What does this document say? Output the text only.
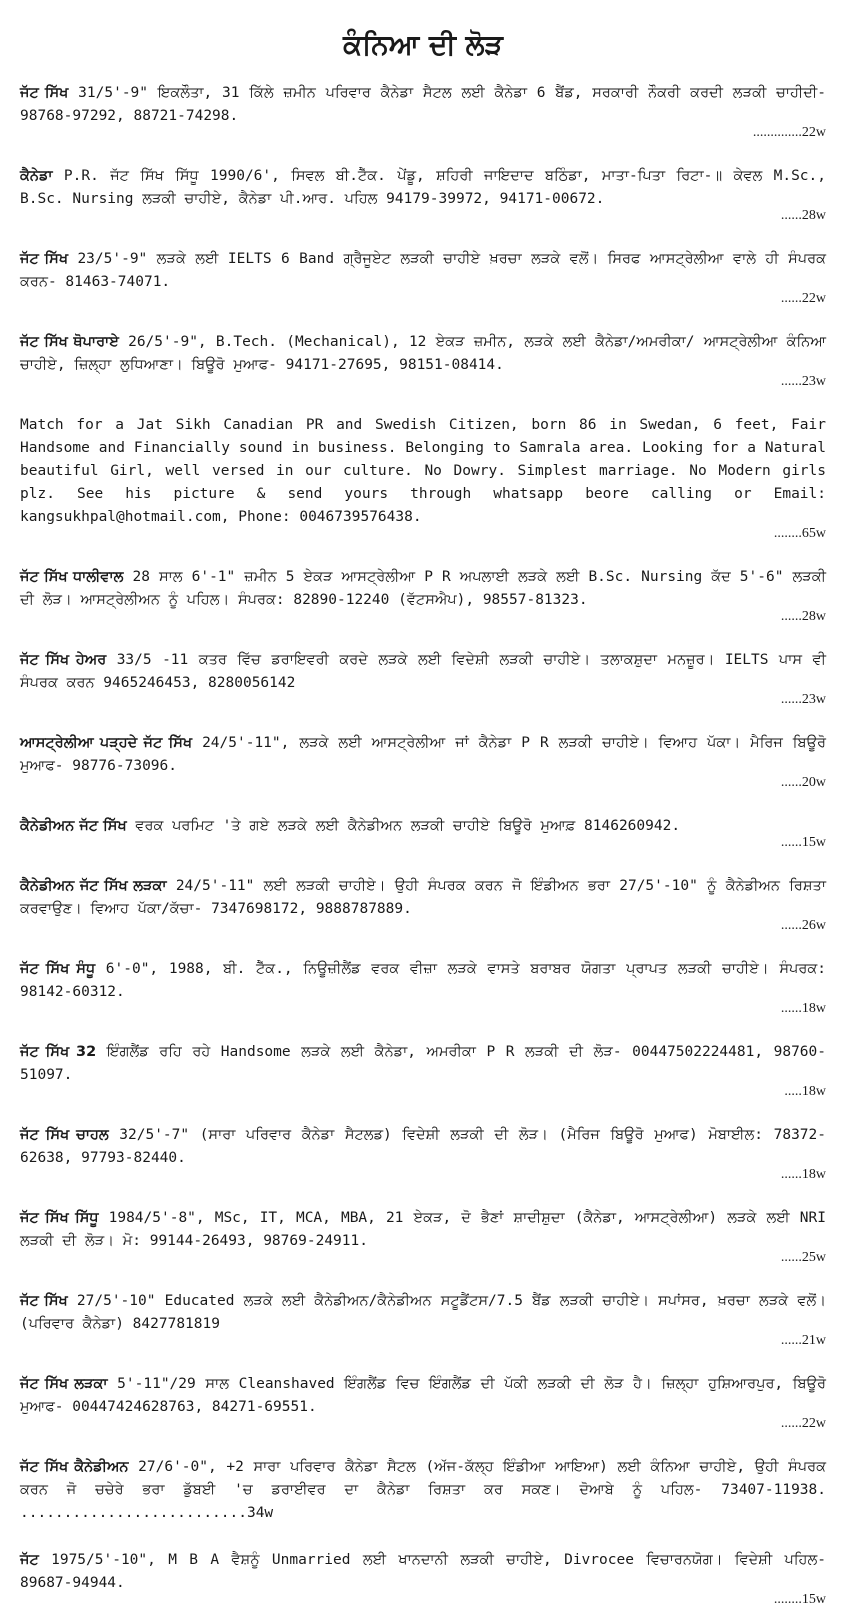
ਕੰਨਿਆ ਦੀ ਲੋੜ
ਜੱਟ ਸਿੱਖ 31/5'-9" ਇਕਲੌਤਾ, 31 ਕਿੱਲੇ ਜ਼ਮੀਨ ਪਰਿਵਾਰ ਕੈਨੇਡਾ ਸੈਟਲ ਲਈ ਕੈਨੇਡਾ 6 ਬੈਂਡ, ਸਰਕਾਰੀ ਨੌਕਰੀ ਕਰਦੀ ਲੜਕੀ ਚਾਹੀਦੀ- 98768-97292, 88721-74298.
..............22w
ਕੈਨੇਡਾ P.R. ਜੱਟ ਸਿੱਖ ਸਿੱਧੂ 1990/6', ਸਿਵਲ ਬੀ.ਟੈੱਕ. ਪੇਂਡੂ, ਸ਼ਹਿਰੀ ਜਾਇਦਾਦ ਬਠਿੰਡਾ, ਮਾਤਾ-ਪਿਤਾ ਰਿਟਾ-॥ ਕੇਵਲ M.Sc., B.Sc. Nursing ਲੜਕੀ ਚਾਹੀਏ, ਕੈਨੇਡਾ ਪੀ.ਆਰ. ਪਹਿਲ 94179-39972, 94171-00672.
......28w
ਜੱਟ ਸਿੱਖ 23/5'-9" ਲੜਕੇ ਲਈ IELTS 6 Band ਗ੍ਰੈਜੂਏਟ ਲੜਕੀ ਚਾਹੀਏ ਖ਼ਰਚਾ ਲੜਕੇ ਵਲੋਂ। ਸਿਰਫ ਆਸਟ੍ਰੇਲੀਆ ਵਾਲੇ ਹੀ ਸੰਪਰਕ ਕਰਨ- 81463-74071.
......22w
ਜੱਟ ਸਿੱਖ ਥੋਪਾਰਾਏ 26/5'-9", B.Tech. (Mechanical), 12 ਏਕੜ ਜ਼ਮੀਨ, ਲੜਕੇ ਲਈ ਕੈਨੇਡਾ/ਅਮਰੀਕਾ/ ਆਸਟ੍ਰੇਲੀਆ ਕੰਨਿਆ ਚਾਹੀਏ, ਜ਼ਿਲ੍ਹਾ ਲੁਧਿਆਣਾ। ਬਿਊਰੋ ਮੁਆਫ- 94171-27695, 98151-08414.
......23w
Match for a Jat Sikh Canadian PR and Swedish Citizen, born 86 in Swedan, 6 feet, Fair Handsome and Financially sound in business. Belonging to Samrala area. Looking for a Natural beautiful Girl, well versed in our culture. No Dowry. Simplest marriage. No Modern girls plz. See his picture & send yours through whatsapp beore calling or Email: kangsukhpal@hotmail.com, Phone: 0046739576438.
........65w
ਜੱਟ ਸਿੱਖ ਧਾਲੀਵਾਲ 28 ਸਾਲ 6'-1" ਜ਼ਮੀਨ 5 ਏਕੜ ਆਸਟ੍ਰੇਲੀਆ P R ਅਪਲਾਈ ਲੜਕੇ ਲਈ B.Sc. Nursing ਕੱਦ 5'-6" ਲੜਕੀ ਦੀ ਲੋੜ। ਆਸਟ੍ਰੇਲੀਅਨ ਨੂੰ ਪਹਿਲ। ਸੰਪਰਕ: 82890-12240 (ਵੱਟਸਐਪ), 98557-81323.
......28w
ਜੱਟ ਸਿੱਖ ਹੇਅਰ 33/5 -11 ਕਤਰ ਵਿੱਚ ਡਰਾਇਵਰੀ ਕਰਦੇ ਲੜਕੇ ਲਈ ਵਿਦੇਸ਼ੀ ਲੜਕੀ ਚਾਹੀਏ। ਤਲਾਕਸ਼ੁਦਾ ਮਨਜ਼ੂਰ। IELTS ਪਾਸ ਵੀ ਸੰਪਰਕ ਕਰਨ 9465246453, 8280056142
......23w
ਆਸਟ੍ਰੇਲੀਆ ਪੜ੍ਹਦੇ ਜੱਟ ਸਿੱਖ 24/5'-11", ਲੜਕੇ ਲਈ ਆਸਟ੍ਰੇਲੀਆ ਜਾਂ ਕੈਨੇਡਾ P R ਲੜਕੀ ਚਾਹੀਏ। ਵਿਆਹ ਪੱਕਾ। ਮੈਰਿਜ ਬਿਊਰੋ ਮੁਆਫ- 98776-73096.
......20w
ਕੈਨੇਡੀਅਨ ਜੱਟ ਸਿੱਖ ਵਰਕ ਪਰਮਿਟ 'ਤੇ ਗਏ ਲੜਕੇ ਲਈ ਕੈਨੇਡੀਅਨ ਲੜਕੀ ਚਾਹੀਏ ਬਿਊਰੋ ਮੁਆਫ਼ 8146260942.
......15w
ਕੈਨੇਡੀਅਨ ਜੱਟ ਸਿੱਖ ਲੜਕਾ 24/5'-11" ਲਈ ਲੜਕੀ ਚਾਹੀਏ। ਉਹੀ ਸੰਪਰਕ ਕਰਨ ਜੋ ਇੰਡੀਅਨ ਭਰਾ 27/5'-10" ਨੂੰ ਕੈਨੇਡੀਅਨ ਰਿਸ਼ਤਾ ਕਰਵਾਉਣ। ਵਿਆਹ ਪੱਕਾ/ਕੱਚਾ- 7347698172, 9888787889.
......26w
ਜੱਟ ਸਿੱਖ ਸੰਧੂ 6'-0", 1988, ਬੀ. ਟੈੱਕ., ਨਿਊਜ਼ੀਲੈਂਡ ਵਰਕ ਵੀਜ਼ਾ ਲੜਕੇ ਵਾਸਤੇ ਬਰਾਬਰ ਯੋਗਤਾ ਪ੍ਰਾਪਤ ਲੜਕੀ ਚਾਹੀਏ। ਸੰਪਰਕ: 98142-60312.
......18w
ਜੱਟ ਸਿੱਖ 32 ਇੰਗਲੈਂਡ ਰਹਿ ਰਹੇ Handsome ਲੜਕੇ ਲਈ ਕੈਨੇਡਾ, ਅਮਰੀਕਾ P R ਲੜਕੀ ਦੀ ਲੋੜ- 00447502224481, 98760-51097.
.....18w
ਜੱਟ ਸਿੱਖ ਚਾਹਲ 32/5'-7" (ਸਾਰਾ ਪਰਿਵਾਰ ਕੈਨੇਡਾ ਸੈਟਲਡ) ਵਿਦੇਸ਼ੀ ਲੜਕੀ ਦੀ ਲੋੜ। (ਮੈਰਿਜ ਬਿਊਰੋ ਮੁਆਫ) ਮੋਬਾਈਲ: 78372-62638, 97793-82440.
......18w
ਜੱਟ ਸਿੱਖ ਸਿੱਧੂ 1984/5'-8", MSc, IT, MCA, MBA, 21 ਏਕੜ, ਦੋ ਭੈਣਾਂ ਸ਼ਾਦੀਸ਼ੁਦਾ (ਕੈਨੇਡਾ, ਆਸਟ੍ਰੇਲੀਆ) ਲੜਕੇ ਲਈ NRI ਲੜਕੀ ਦੀ ਲੋੜ। ਮੋ: 99144-26493, 98769-24911.
......25w
ਜੱਟ ਸਿੱਖ 27/5'-10" Educated ਲੜਕੇ ਲਈ ਕੈਨੇਡੀਅਨ/ਕੈਨੇਡੀਅਨ ਸਟੂਡੈਂਟਸ/7.5 ਬੈਂਡ ਲੜਕੀ ਚਾਹੀਏ। ਸਪਾਂਸਰ, ਖ਼ਰਚਾ ਲੜਕੇ ਵਲੋਂ। (ਪਰਿਵਾਰ ਕੈਨੇਡਾ) 8427781819
......21w
ਜੱਟ ਸਿੱਖ ਲੜਕਾ 5'-11"/29 ਸਾਲ Cleanshaved ਇੰਗਲੈਂਡ ਵਿਚ ਇੰਗਲੈਂਡ ਦੀ ਪੱਕੀ ਲੜਕੀ ਦੀ ਲੋੜ ਹੈ। ਜ਼ਿਲ੍ਹਾ ਹੁਸ਼ਿਆਰਪੁਰ, ਬਿਊਰੋ ਮੁਆਫ- 00447424628763, 84271-69551.
......22w
ਜੱਟ ਸਿੱਖ ਕੈਨੇਡੀਅਨ 27/6'-0", +2 ਸਾਰਾ ਪਰਿਵਾਰ ਕੈਨੇਡਾ ਸੈਟਲ (ਅੱਜ-ਕੱਲ੍ਹ ਇੰਡੀਆ ਆਇਆ) ਲਈ ਕੰਨਿਆ ਚਾਹੀਏ, ਉਹੀ ਸੰਪਰਕ ਕਰਨ ਜੋ ਚਚੇਰੇ ਭਰਾ ਡੁੱਬਈ 'ਚ ਡਰਾਈਵਰ ਦਾ ਕੈਨੇਡਾ ਰਿਸ਼ਤਾ ਕਰ ਸਕਣ। ਦੋਆਬੇ ਨੂੰ ਪਹਿਲ- 73407-11938. ..........................34w
ਜੱਟ 1975/5'-10", M B A ਵੈਸ਼ਨੂੰ Unmarried ਲਈ ਖਾਨਦਾਨੀ ਲੜਕੀ ਚਾਹੀਏ, Divrocee ਵਿਚਾਰਨਯੋਗ। ਵਿਦੇਸ਼ੀ ਪਹਿਲ- 89687-94944.
........15w
